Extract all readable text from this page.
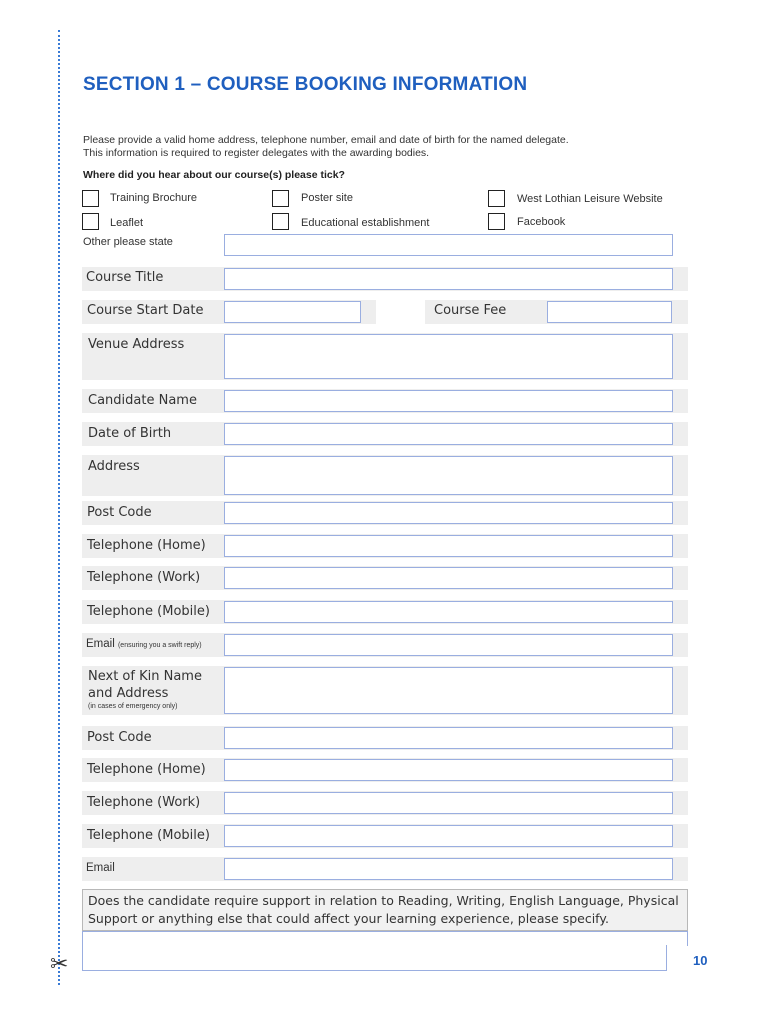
✂
SECTION 1 – COURSE BOOKING INFORMATION
Please provide a valid home address, telephone number, email and date of birth for the named delegate.
This information is required to register delegates with the awarding bodies.
Where did you hear about our course(s) please tick?
Training Brochure	Poster site	West Lothian Leisure Website
Leaflet	Educational establishment	Facebook
Other please state
Course Title
Course Start Date	Course Fee
Venue Address
Candidate Name
Date of Birth
Address
Post Code
Telephone (Home)
Telephone (Work)
Telephone (Mobile)
Email (ensuring you a swift reply)
Next of Kin Name
and Address
(in cases of emergency only)
Post Code
Telephone (Home)
Telephone (Work)
Telephone (Mobile)
Email
Does the candidate require support in relation to Reading, Writing, English Language, Physical Support or anything else that could affect your learning experience, please specify.
10
